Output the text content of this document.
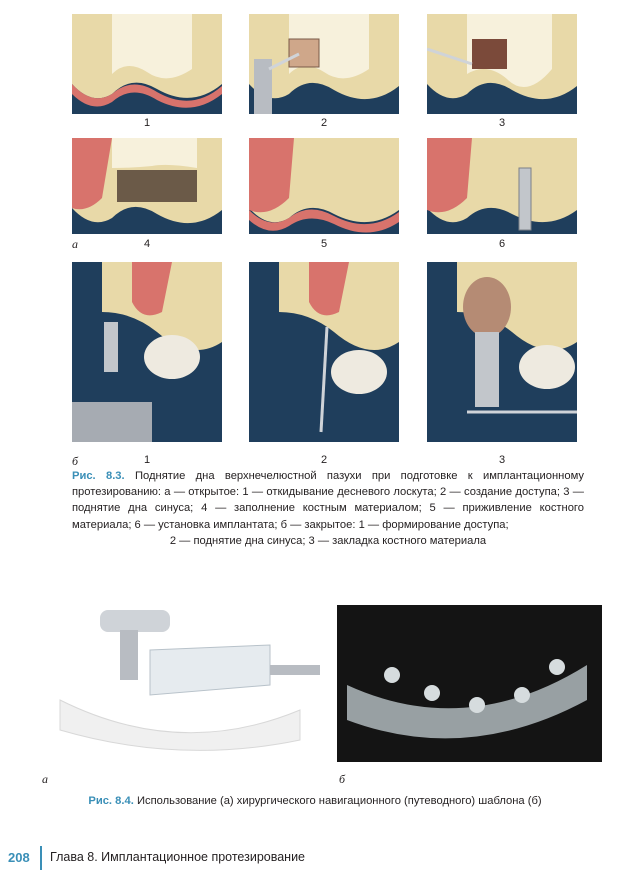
1	2	3
а	4	5	6
б	1	2	3
Рис. 8.3. Поднятие дна верхнечелюстной пазухи при подготовке к имплантационному протезированию: а — открытое: 1 — откидывание десневого лоскута; 2 — создание доступа; 3 — поднятие дна синуса; 4 — заполнение костным материалом; 5 — приживление костного материала; 6 — установка имплантата; б — закрытое: 1 — формирование доступа;
2 — поднятие дна синуса; 3 — закладка костного материала
а	б
Рис. 8.4. Использование (а) хирургического навигационного (путеводного) шаблона (б)
208 Глава 8. Имплантационное протезирование
